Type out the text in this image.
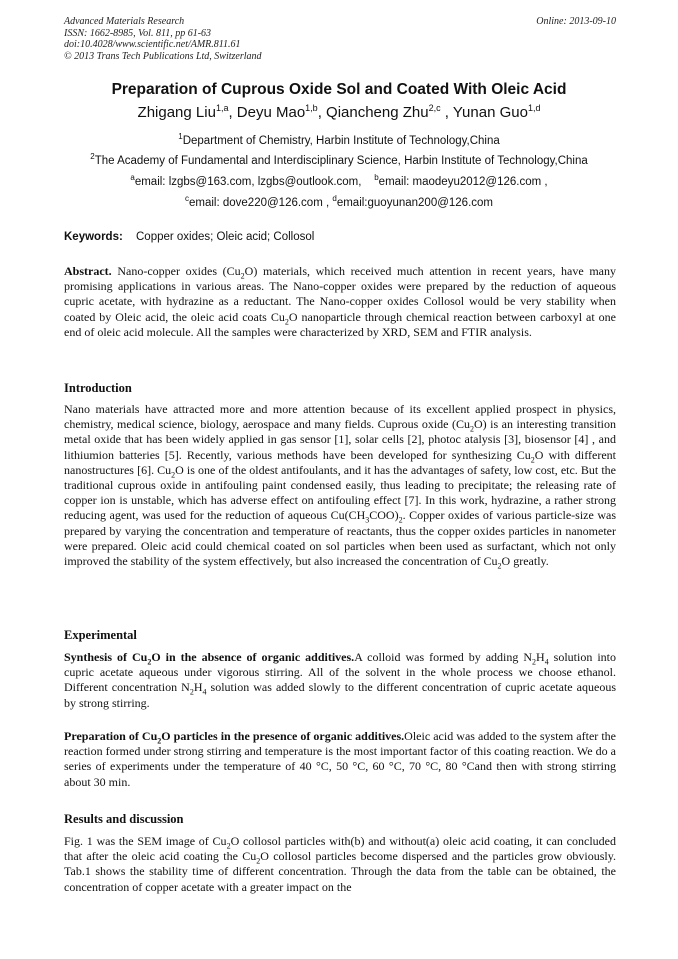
Advanced Materials Research
ISSN: 1662-8985, Vol. 811, pp 61-63
doi:10.4028/www.scientific.net/AMR.811.61
© 2013 Trans Tech Publications Ltd, Switzerland
Online: 2013-09-10
Preparation of Cuprous Oxide Sol and Coated With Oleic Acid
Zhigang Liu$^{1,a}$, Deyu Mao$^{1,b}$, Qiancheng Zhu$^{2,c}$ , Yunan Guo$^{1,d}$
$^1$Department of Chemistry, Harbin Institute of Technology,China
$^2$The Academy of Fundamental and Interdisciplinary Science, Harbin Institute of Technology,China
$^a$email: lzgbs@163.com, lzgbs@outlook.com, $^b$email: maodeyu2012@126.com ,
$^c$email: dove220@126.com , $^d$email:guoyunan200@126.com
Keywords: Copper oxides; Oleic acid; Collosol
Abstract. Nano-copper oxides $(Cu_2O)$ materials, which received much attention in recent years, have many promising applications in various areas. The Nano-copper oxides were prepared by the reduction of aqueous cupric acetate, with hydrazine as a reductant. The Nano-copper oxides Collosol would be very stability when coated by Oleic acid, the oleic acid coats $Cu_2O$ nanoparticle through chemical reaction between carboxyl at one end of oleic acid molecule. All the samples were characterized by XRD, SEM and FTIR analysis.
Introduction
Nano materials have attracted more and more attention because of its excellent applied prospect in physics, chemistry, medical science, biology, aerospace and many fields. Cuprous oxide $(Cu_2O)$ is an interesting transition metal oxide that has been widely applied in gas sensor [1], solar cells [2], photoc atalysis [3], biosensor [4] , and lithiumion batteries [5]. Recently, various methods have been developed for synthesizing $Cu_2O$ with different nanostructures [6]. $Cu_2O$ is one of the oldest antifoulants, and it has the advantages of safety, low cost, etc. But the traditional cuprous oxide in antifouling paint condensed easily, thus leading to precipitate; the releasing rate of copper ion is unstable, which has adverse effect on antifouling effect [7]. In this work, hydrazine, a rather strong reducing agent, was used for the reduction of aqueous $Cu(CH_3COO)_2$. Copper oxides of various particle-size was prepared by varying the concentration and temperature of reactants, thus the copper oxides particles in nanometer were prepared. Oleic acid could chemical coated on sol particles when been used as surfactant, which not only improved the stability of the system effectively, but also increased the concentration of $Cu_2O$ greatly.
Experimental
Synthesis of $Cu_2O$ in the absence of organic additives.A colloid was formed by adding $N_2H_4$ solution into cupric acetate aqueous under vigorous stirring. All of the solvent in the whole process we choose ethanol. Different concentration $N_2H_4$ solution was added slowly to the different concentration of cupric acetate aqueous by strong stirring.
Preparation of $Cu_2O$ particles in the presence of organic additives.Oleic acid was added to the system after the reaction formed under strong stirring and temperature is the most important factor of this coating reaction. We do a series of experiments under the temperature of 40 °C, 50 °C, 60 °C, 70 °C, 80 °Cand then with strong stirring about 30 min.
Results and discussion
Fig. 1 was the SEM image of $Cu_2O$ collosol particles with(b) and without(a) oleic acid coating, it can concluded that after the oleic acid coating the $Cu_2O$ collosol particles become dispersed and the particles grow obviously. Tab.1 shows the stability time of different concentration. Through the data from the table can be obtained, the concentration of copper acetate with a greater impact on the
